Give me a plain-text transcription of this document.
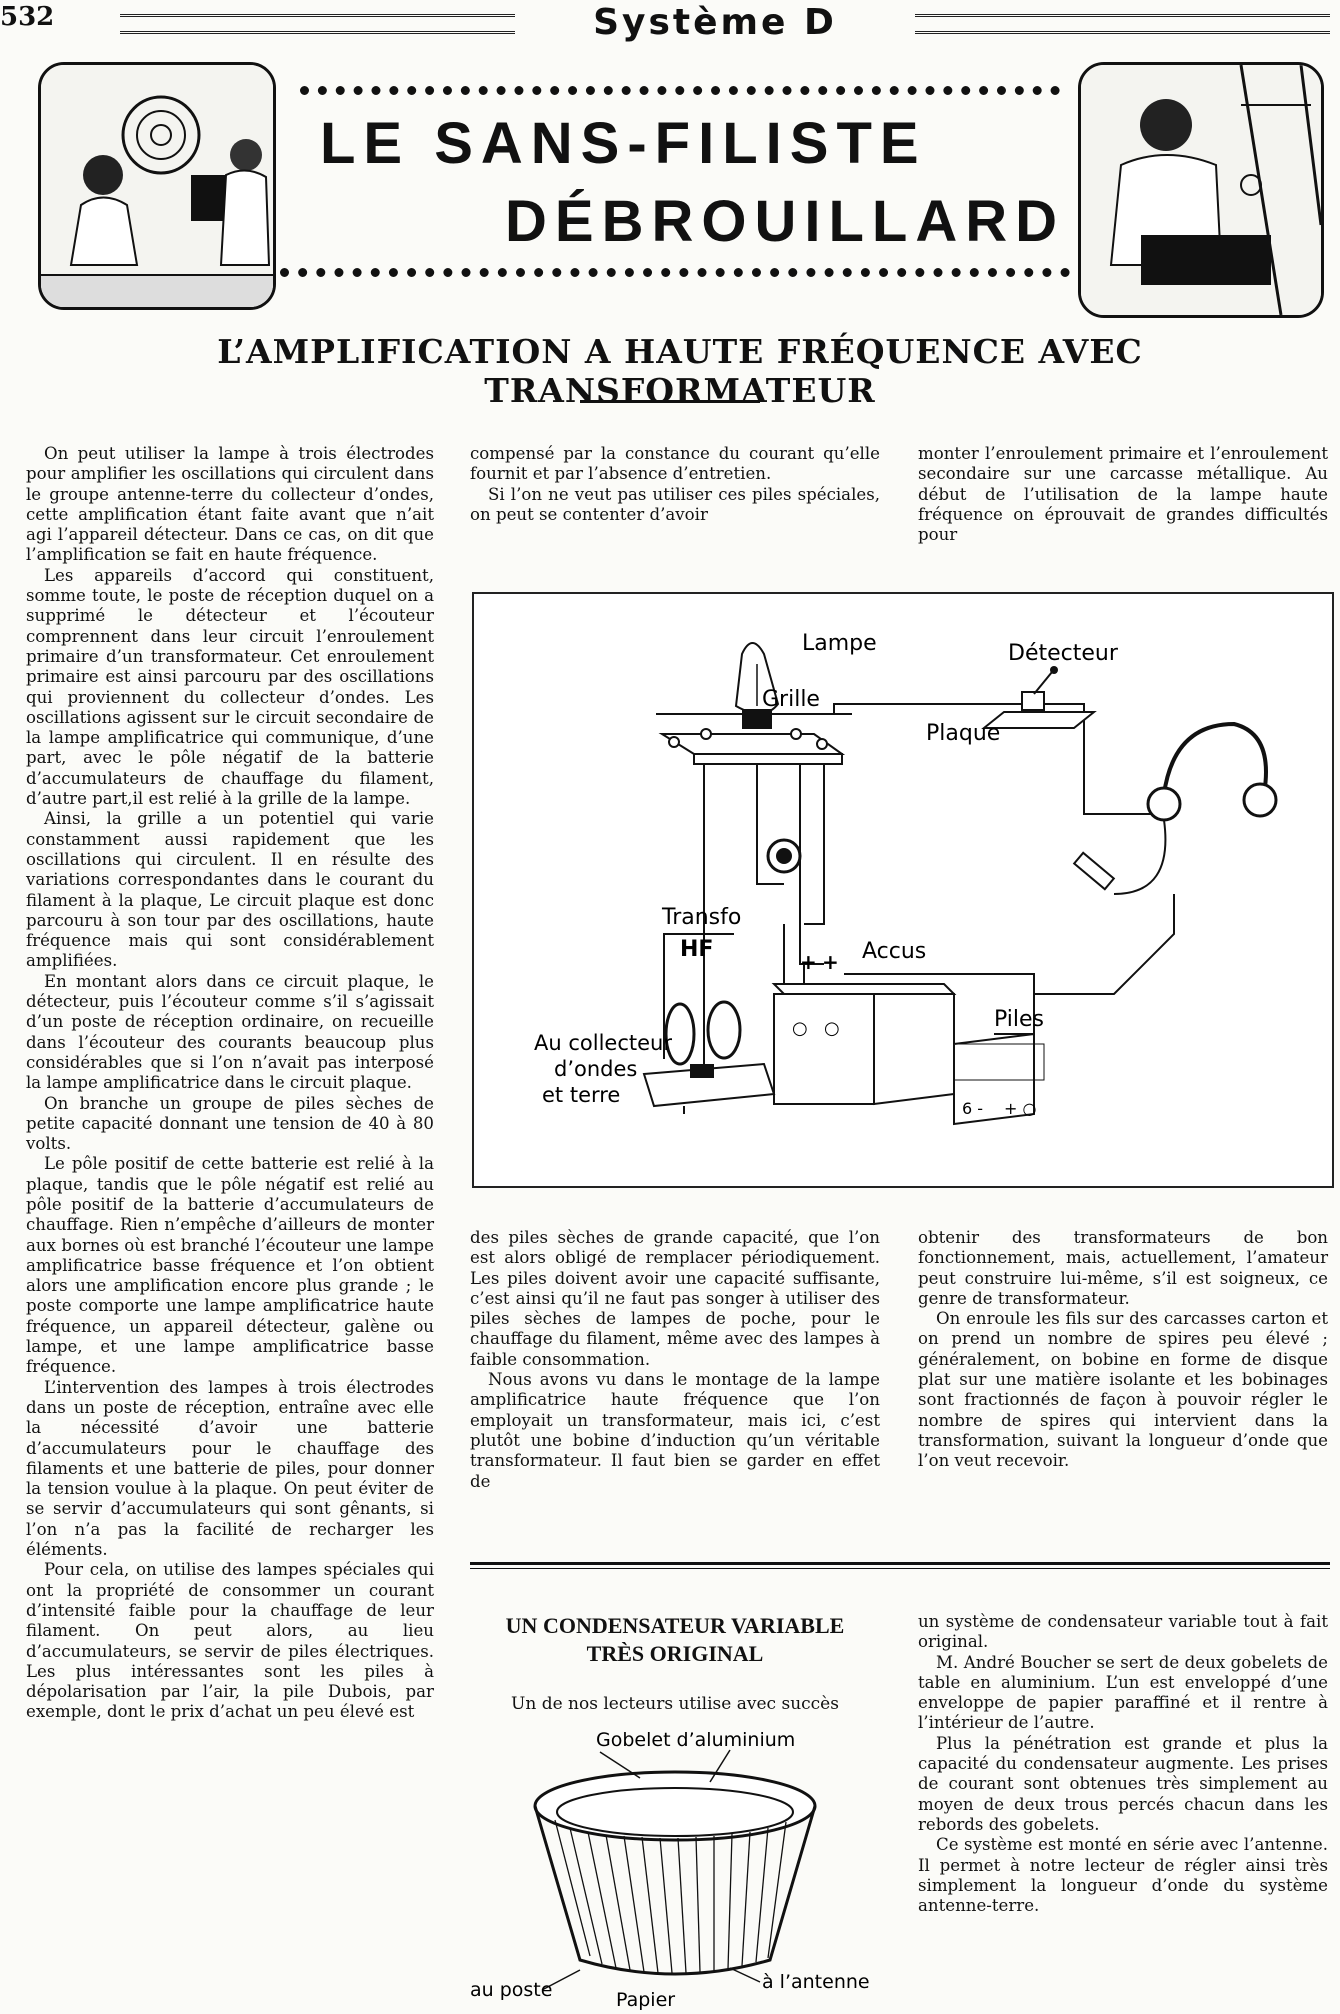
532	Système D
LE SANS-FILISTE
DÉBROUILLARD
L’AMPLIFICATION A HAUTE FRÉQUENCE AVEC TRANSFORMATEUR

On peut utiliser la lampe à trois électrodes pour amplifier les oscillations qui circulent dans le groupe antenne-terre du collecteur d’ondes, cette amplification étant faite avant que n’ait agi l’appareil détecteur. Dans ce cas, on dit que l’amplification se fait en haute fréquence.

Les appareils d’accord qui constituent, somme toute, le poste de réception duquel on a supprimé le détecteur et l’écouteur comprennent dans leur circuit l’enroulement primaire d’un transformateur. Cet enroulement primaire est ainsi parcouru par des oscillations qui proviennent du collecteur d’ondes. Les oscillations agissent sur le circuit secondaire de la lampe amplificatrice qui communique, d’une part, avec le pôle négatif de la batterie d’accumulateurs de chauffage du filament, d’autre part,il est relié à la grille de la lampe.

Ainsi, la grille a un potentiel qui varie constamment aussi rapidement que les oscillations qui circulent. Il en résulte des variations correspondantes dans le courant du filament à la plaque, Le circuit plaque est donc parcouru à son tour par des oscillations, haute fréquence mais qui sont considérablement amplifiées.

En montant alors dans ce circuit plaque, le détecteur, puis l’écouteur comme s’il s’agissait d’un poste de réception ordinaire, on recueille dans l’écouteur des courants beaucoup plus considérables que si l’on n’avait pas interposé la lampe amplificatrice dans le circuit plaque.

On branche un groupe de piles sèches de petite capacité donnant une tension de 40 à 80 volts.

Le pôle positif de cette batterie est relié à la plaque, tandis que le pôle négatif est relié au pôle positif de la batterie d’accumulateurs de chauffage. Rien n’empêche d’ailleurs de monter aux bornes où est branché l’écouteur une lampe amplificatrice basse fréquence et l’on obtient alors une amplification encore plus grande ; le poste comporte une lampe amplificatrice haute fréquence, un appareil détecteur, galène ou lampe, et une lampe amplificatrice basse fréquence.

L’intervention des lampes à trois électrodes dans un poste de réception, entraîne avec elle la nécessité d’avoir une batterie d’accumulateurs pour le chauffage des filaments et une batterie de piles, pour donner la tension voulue à la plaque. On peut éviter de se servir d’accumulateurs qui sont gênants, si l’on n’a pas la facilité de recharger les éléments.

Pour cela, on utilise des lampes spéciales qui ont la propriété de consommer un courant d’intensité faible pour la chauffage de leur filament. On peut alors, au lieu d’accumulateurs, se servir de piles électriques. Les plus intéressantes sont les piles à dépolarisation par l’air, la pile Dubois, par exemple, dont le prix d’achat un peu élevé est

compensé par la constance du courant qu’elle fournit et par l’absence d’entretien.

Si l’on ne veut pas utiliser ces piles spéciales, on peut se contenter d’avoir

monter l’enroulement primaire et l’enroulement secondaire sur une carcasse métallique. Au début de l’utilisation de la lampe haute fréquence on éprouvait de grandes difficultés pour

○ ○
+ +
6 - + ○
Lampe	Détecteur
Grille
Plaque
Transfo
HF	Accus
Piles
Au collecteur
d’ondes
et terre

des piles sèches de grande capacité, que l’on est alors obligé de remplacer périodiquement. Les piles doivent avoir une capacité suffisante, c’est ainsi qu’il ne faut pas songer à utiliser des piles sèches de lampes de poche, pour le chauffage du filament, même avec des lampes à faible consommation.

Nous avons vu dans le montage de la lampe amplificatrice haute fréquence que l’on employait un transformateur, mais ici, c’est plutôt une bobine d’induction qu’un véritable transformateur. Il faut bien se garder en effet de

obtenir des transformateurs de bon fonctionnement, mais, actuellement, l’amateur peut construire lui-même, s’il est soigneux, ce genre de transformateur.

On enroule les fils sur des carcasses carton et on prend un nombre de spires peu élevé ; généralement, on bobine en forme de disque plat sur une matière isolante et les bobinages sont fractionnés de façon à pouvoir régler le nombre de spires qui intervient dans la transformation, suivant la longueur d’onde que l’on veut recevoir.

UN CONDENSATEUR VARIABLE
TRÈS ORIGINAL
Un de nos lecteurs utilise avec succès
Gobelet d’aluminium
au poste	Papier
à l’antenne

un système de condensateur variable tout à fait original.

M. André Boucher se sert de deux gobelets de table en aluminium. L’un est enveloppé d’une enveloppe de papier paraffiné et il rentre à l’intérieur de l’autre.

Plus la pénétration est grande et plus la capacité du condensateur augmente. Les prises de courant sont obtenues très simplement au moyen de deux trous percés chacun dans les rebords des gobelets.

Ce système est monté en série avec l’antenne. Il permet à notre lecteur de régler ainsi très simplement la longueur d’onde du système antenne-terre.
